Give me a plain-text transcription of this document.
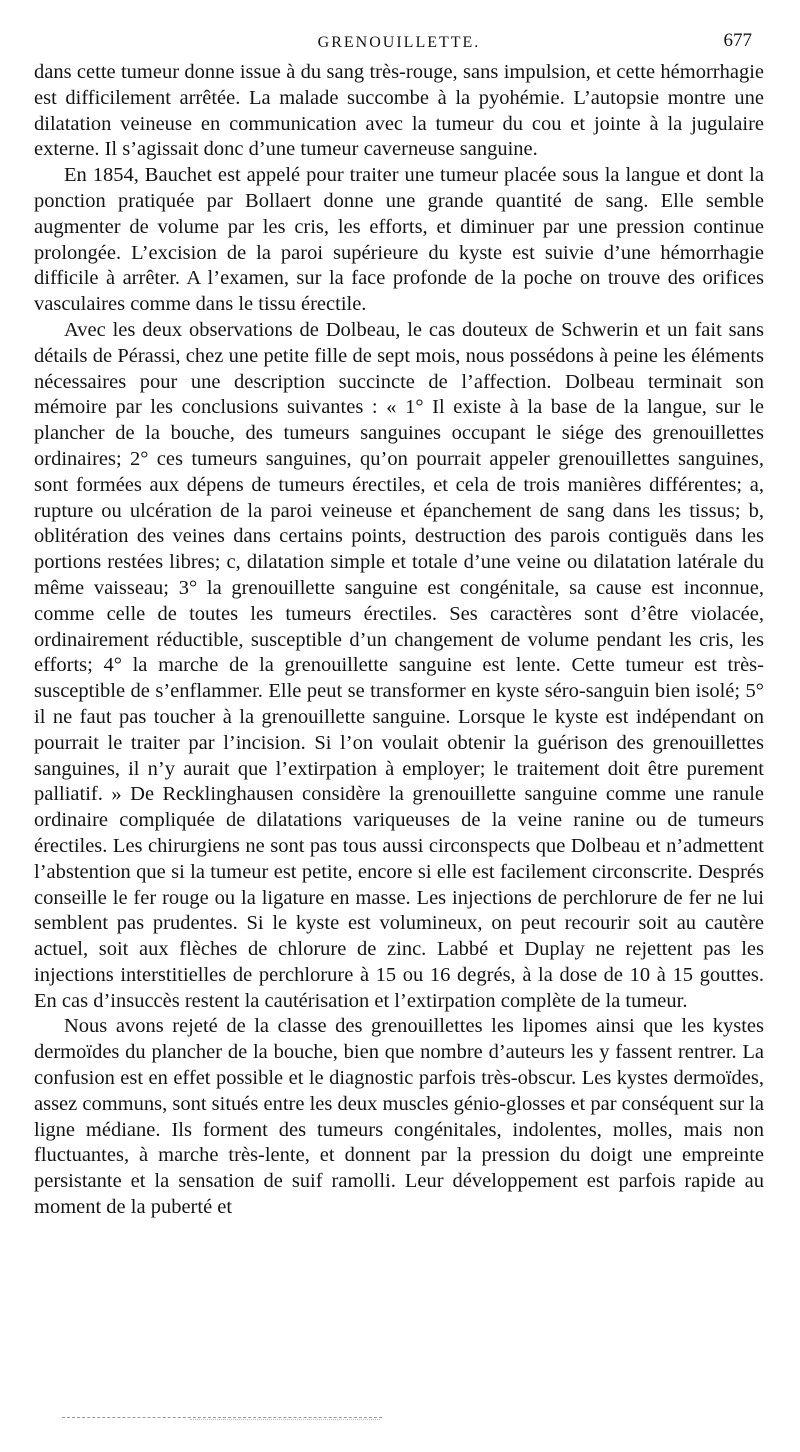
GRENOUILLETTE.	677

dans cette tumeur donne issue à du sang très-rouge, sans impulsion, et cette hémorrhagie est difficilement arrêtée. La malade succombe à la pyohémie. L’autopsie montre une dilatation veineuse en communication avec la tumeur du cou et jointe à la jugulaire externe. Il s’agissait donc d’une tumeur caverneuse sanguine.

En 1854, Bauchet est appelé pour traiter une tumeur placée sous la langue et dont la ponction pratiquée par Bollaert donne une grande quantité de sang. Elle semble augmenter de volume par les cris, les efforts, et diminuer par une pression continue prolongée. L’excision de la paroi supérieure du kyste est suivie d’une hémorrhagie difficile à arrêter. A l’examen, sur la face profonde de la poche on trouve des orifices vasculaires comme dans le tissu érectile.

Avec les deux observations de Dolbeau, le cas douteux de Schwerin et un fait sans détails de Pérassi, chez une petite fille de sept mois, nous possédons à peine les éléments nécessaires pour une description succincte de l’affection. Dolbeau terminait son mémoire par les conclusions suivantes : « 1° Il existe à la base de la langue, sur le plancher de la bouche, des tumeurs sanguines occupant le siége des grenouillettes ordinaires; 2° ces tumeurs sanguines, qu’on pourrait appeler grenouillettes sanguines, sont formées aux dépens de tumeurs érectiles, et cela de trois manières différentes; a, rupture ou ulcération de la paroi veineuse et épanchement de sang dans les tissus; b, oblitération des veines dans certains points, destruction des parois contiguës dans les portions restées libres; c, dilatation simple et totale d’une veine ou dilatation latérale du même vaisseau; 3° la grenouillette sanguine est congénitale, sa cause est inconnue, comme celle de toutes les tumeurs érectiles. Ses caractères sont d’être violacée, ordinairement réductible, susceptible d’un changement de volume pendant les cris, les efforts; 4° la marche de la grenouillette sanguine est lente. Cette tumeur est très-susceptible de s’enflammer. Elle peut se transformer en kyste séro-sanguin bien isolé; 5° il ne faut pas toucher à la grenouillette sanguine. Lorsque le kyste est indépendant on pourrait le traiter par l’incision. Si l’on voulait obtenir la guérison des grenouillettes sanguines, il n’y aurait que l’extirpation à employer; le traitement doit être purement palliatif. » De Recklinghausen considère la grenouillette sanguine comme une ranule ordinaire compliquée de dilatations variqueuses de la veine ranine ou de tumeurs érectiles. Les chirurgiens ne sont pas tous aussi circonspects que Dolbeau et n’admettent l’abstention que si la tumeur est petite, encore si elle est facilement circonscrite. Després conseille le fer rouge ou la ligature en masse. Les injections de perchlorure de fer ne lui semblent pas prudentes. Si le kyste est volumineux, on peut recourir soit au cautère actuel, soit aux flèches de chlorure de zinc. Labbé et Duplay ne rejettent pas les injections interstitielles de perchlorure à 15 ou 16 degrés, à la dose de 10 à 15 gouttes. En cas d’insuccès restent la cautérisation et l’extirpation complète de la tumeur.

Nous avons rejeté de la classe des grenouillettes les lipomes ainsi que les kystes dermoïdes du plancher de la bouche, bien que nombre d’auteurs les y fassent rentrer. La confusion est en effet possible et le diagnostic parfois très-obscur. Les kystes dermoïdes, assez communs, sont situés entre les deux muscles génio-glosses et par conséquent sur la ligne médiane. Ils forment des tumeurs congénitales, indolentes, molles, mais non fluctuantes, à marche très-lente, et donnent par la pression du doigt une empreinte persistante et la sensation de suif ramolli. Leur développement est parfois rapide au moment de la puberté et
